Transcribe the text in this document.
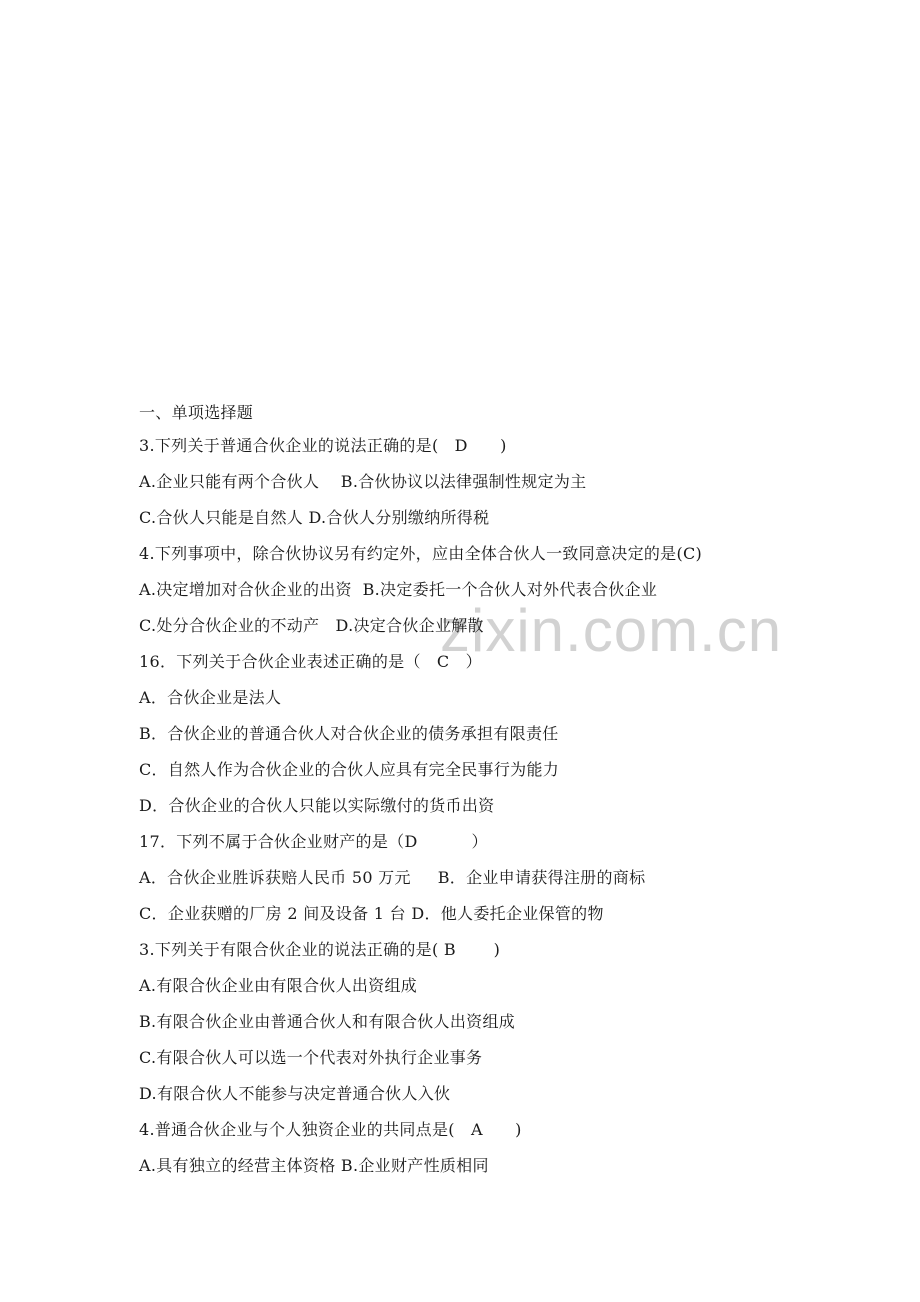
zixin.com.cn
一、单项选择题
3.下列关于普通合伙企业的说法正确的是(   D      )
A.企业只能有两个合伙人    B.合伙协议以法律强制性规定为主
C.合伙人只能是自然人 D.合伙人分别缴纳所得税
4.下列事项中，除合伙协议另有约定外，应由全体合伙人一致同意决定的是(C)
A.决定增加对合伙企业的出资  B.决定委托一个合伙人对外代表合伙企业
C.处分合伙企业的不动产   D.决定合伙企业解散
16．下列关于合伙企业表述正确的是（   C   ）
A．合伙企业是法人
B．合伙企业的普通合伙人对合伙企业的债务承担有限责任
C．自然人作为合伙企业的合伙人应具有完全民事行为能力
D．合伙企业的合伙人只能以实际缴付的货币出资
17．下列不属于合伙企业财产的是（D          ）
A．合伙企业胜诉获赔人民币 50 万元     B．企业申请获得注册的商标
C．企业获赠的厂房 2 间及设备 1 台 D．他人委托企业保管的物
3.下列关于有限合伙企业的说法正确的是( B       )
A.有限合伙企业由有限合伙人出资组成
B.有限合伙企业由普通合伙人和有限合伙人出资组成
C.有限合伙人可以选一个代表对外执行企业事务
D.有限合伙人不能参与决定普通合伙人入伙
4.普通合伙企业与个人独资企业的共同点是(   A      )
A.具有独立的经营主体资格 B.企业财产性质相同
